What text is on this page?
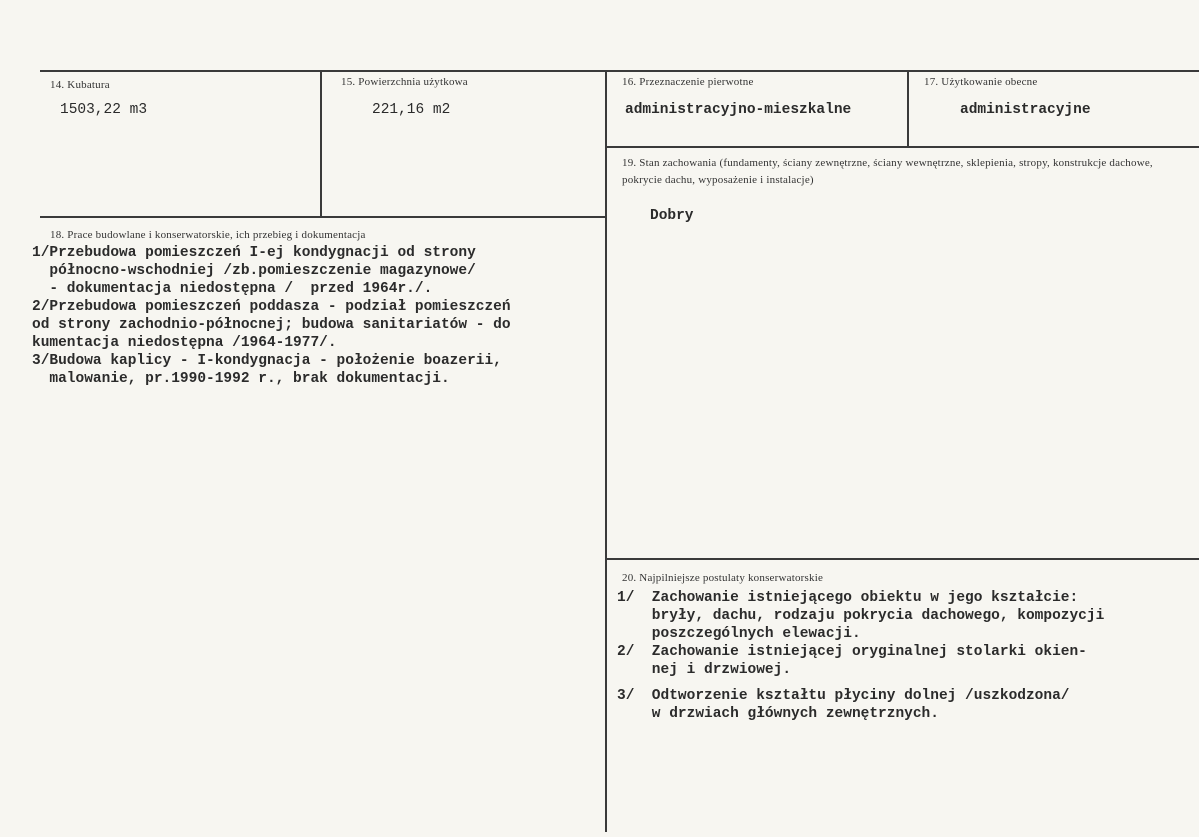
14. Kubatura
1503,22 m3
15. Powierzchnia użytkowa
221,16 m2
16. Przeznaczenie pierwotne
administracyjno-mieszkalne
17. Użytkowanie obecne
administracyjne
18. Prace budowlane i konserwatorskie, ich przebieg i dokumentacja
1/Przebudowa pomieszczeń I-ej kondygnacji od strony
północno-wschodniej /zb.pomieszczenie magazynowe/
- dokumentacja niedostępna /  przed 1964r./.
2/Przebudowa pomieszczeń poddasza - podział pomieszczeń
od strony zachodnio-północnej; budowa sanitariatów - do
kumentacja niedostępna /1964-1977/.
3/Budowa kaplicy - I-kondygnacja - położenie boazerii,
malowanie, pr.1990-1992 r., brak dokumentacji.
19. Stan zachowania (fundamenty, ściany zewnętrzne, ściany wewnętrzne, sklepienia, stropy, konstrukcje dachowe, pokrycie dachu, wyposażenie i instalacje)
Dobry
20. Najpilniejsze postulaty konserwatorskie
1/  Zachowanie istniejącego obiektu w jego kształcie:
bryły, dachu, rodzaju pokrycia dachowego, kompozycji
poszczególnych elewacji.
2/  Zachowanie istniejącej oryginalnej stolarki okien-
nej i drzwiowej.
3/  Odtworzenie kształtu płyciny dolnej /uszkodzona/
w drzwiach głównych zewnętrznych.
